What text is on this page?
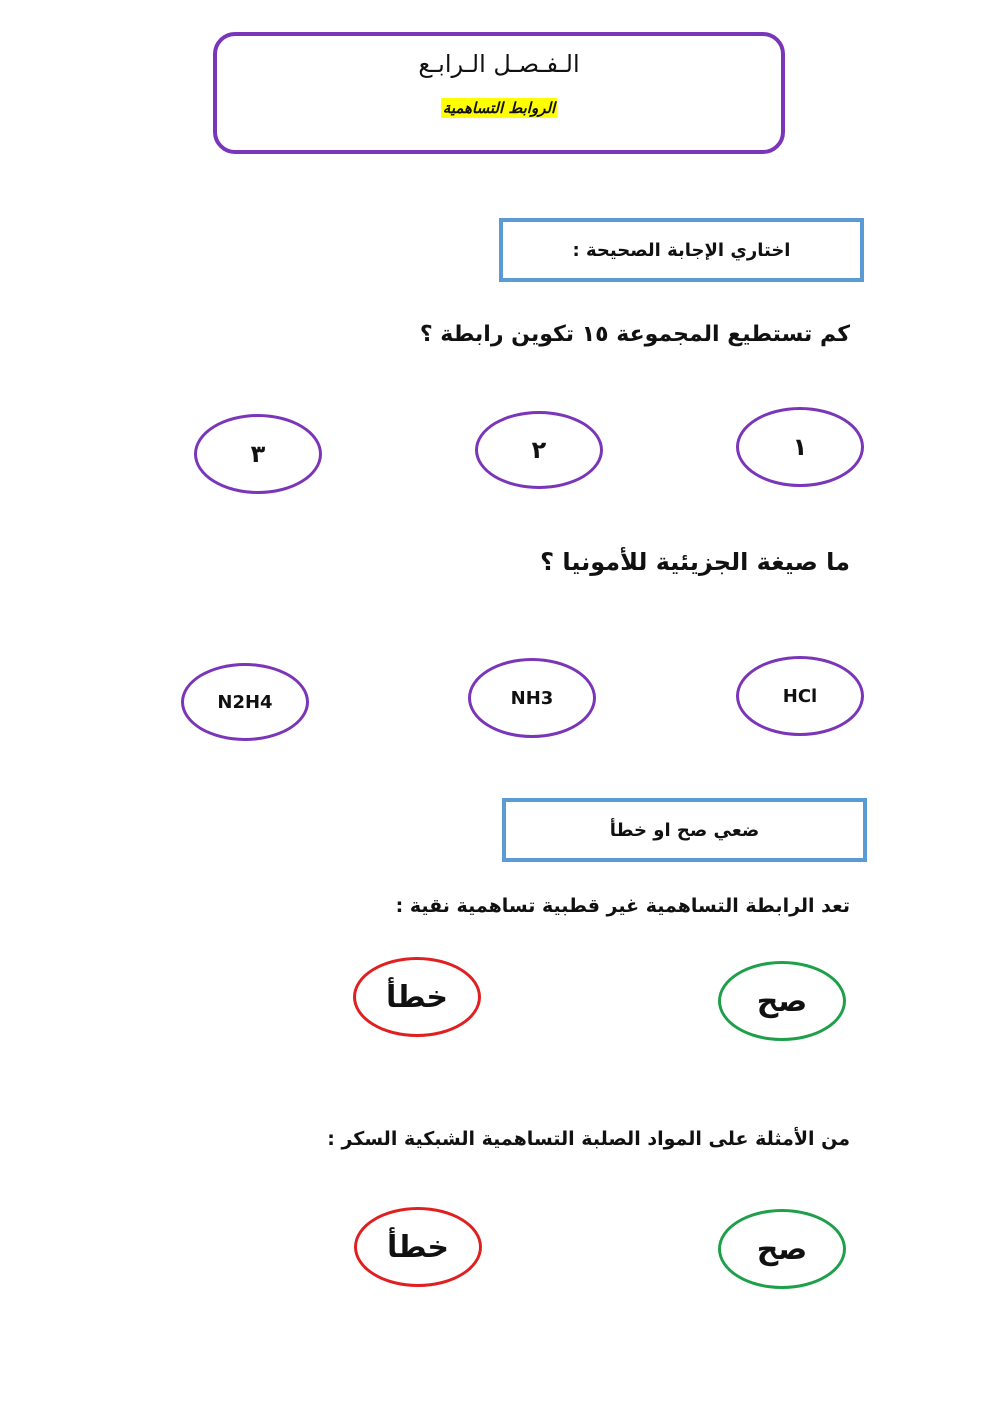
الـفـصـل الـرابـع
الروابط التساهمية
اختاري الإجابة الصحيحة :
كم تستطيع المجموعة ١٥ تكوين رابطة ؟
١
٢
٣
ما صيغة الجزيئية للأمونيا ؟
HCl
NH3
N2H4
ضعي صح او خطأ
تعد الرابطة التساهمية غير قطبية تساهمية نقية :
صح
خطأ
من الأمثلة على المواد الصلبة التساهمية الشبكية السكر :
صح
خطأ
